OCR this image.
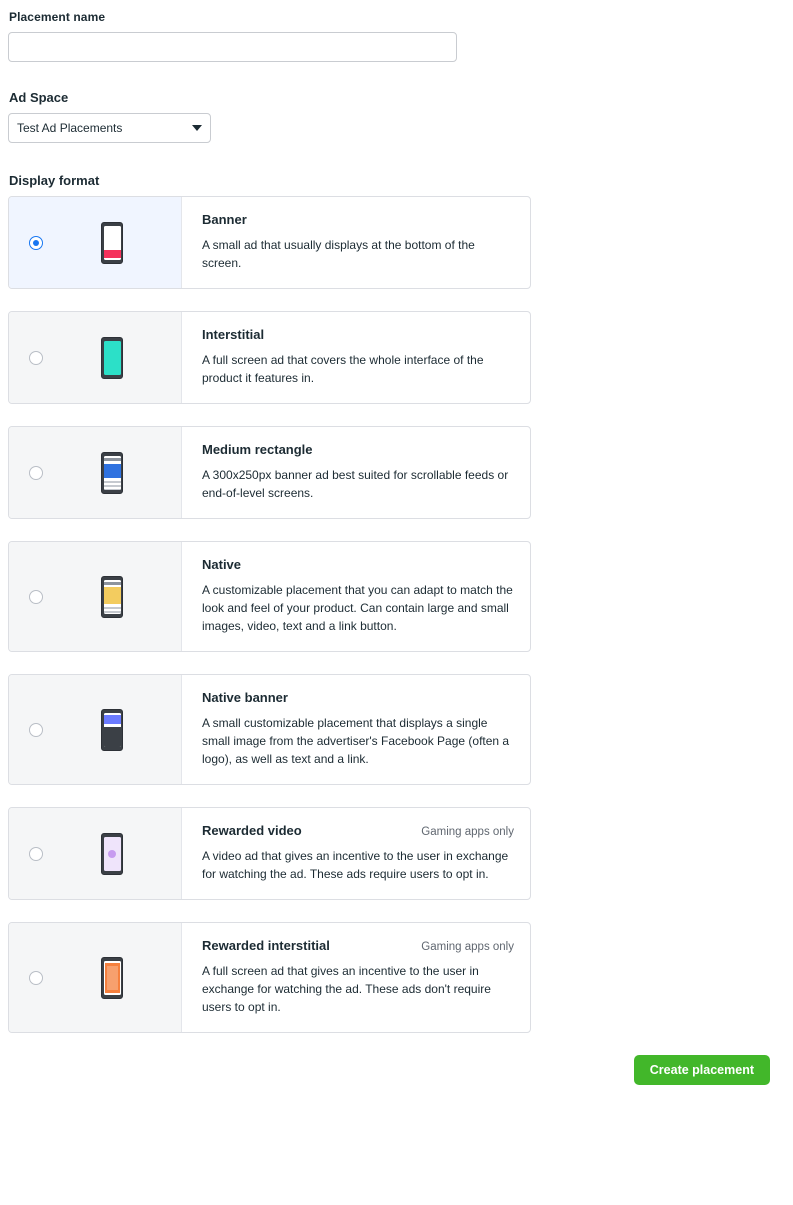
Placement name
Ad Space
Test Ad Placements
Display format
Banner
A small ad that usually displays at the bottom of the screen.
Interstitial
A full screen ad that covers the whole interface of the product it features in.
Medium rectangle
A 300x250px banner ad best suited for scrollable feeds or end-of-level screens.
Native
A customizable placement that you can adapt to match the look and feel of your product. Can contain large and small images, video, text and a link button.
Native banner
A small customizable placement that displays a single small image from the advertiser's Facebook Page (often a logo), as well as text and a link.
Rewarded video	Gaming apps only
A video ad that gives an incentive to the user in exchange for watching the ad. These ads require users to opt in.
Rewarded interstitial	Gaming apps only
A full screen ad that gives an incentive to the user in exchange for watching the ad. These ads don't require users to opt in.
Create placement
